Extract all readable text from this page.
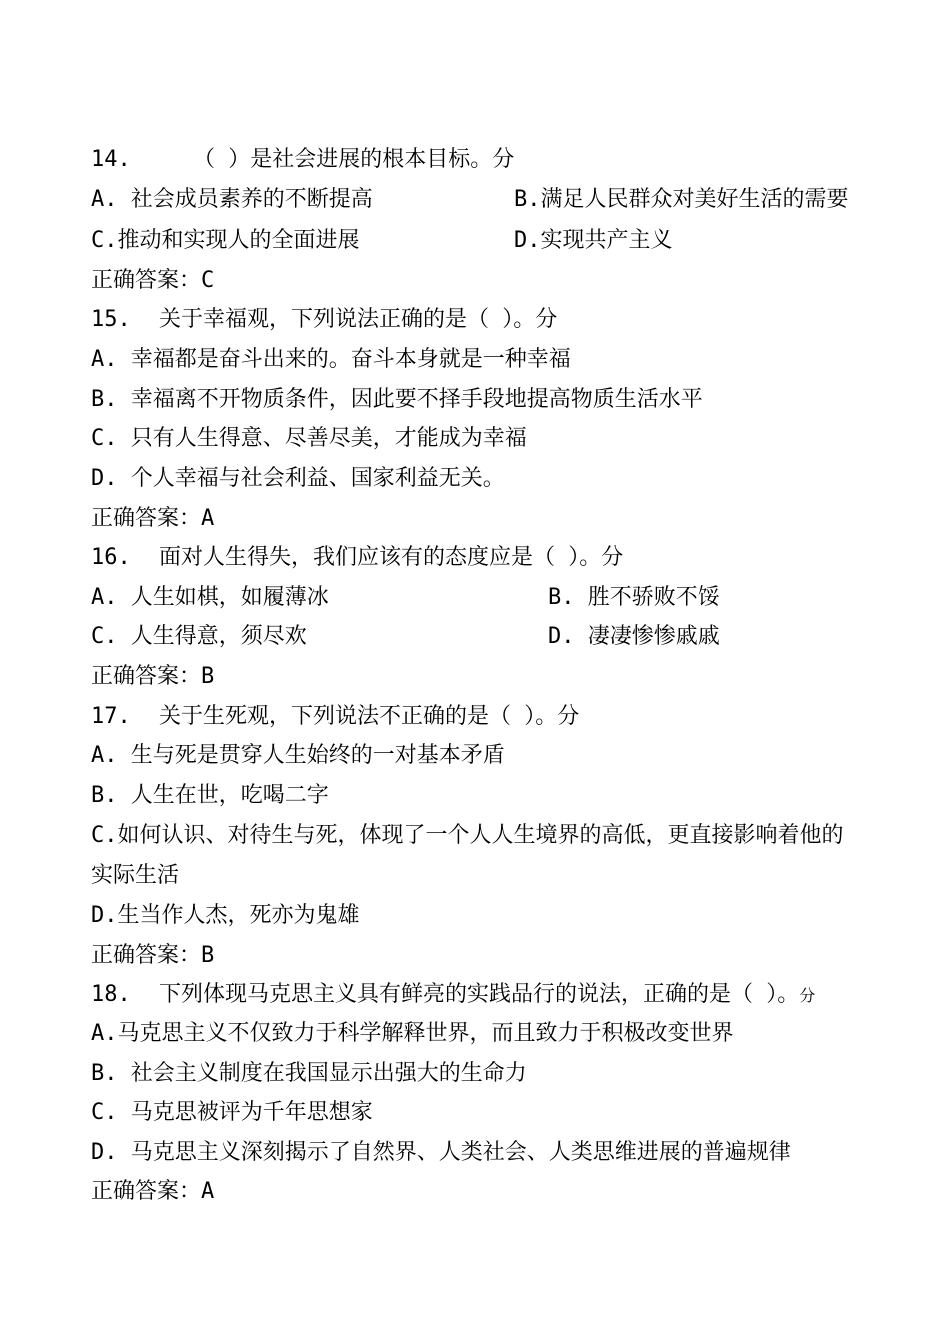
14.	（ ）是社会进展的根本目标。分
A. 社会成员素养的不断提高	B.满足人民群众对美好生活的需要
C.推动和实现人的全面进展	D.实现共产主义
正确答案：C
15. 关于幸福观，下列说法正确的是（ ）。分
A. 幸福都是奋斗出来的。奋斗本身就是一种幸福
B. 幸福离不开物质条件，因此要不择手段地提高物质生活水平
C. 只有人生得意、尽善尽美，才能成为幸福
D. 个人幸福与社会利益、国家利益无关。
正确答案：A
16. 面对人生得失，我们应该有的态度应是（ ）。分
A. 人生如棋，如履薄冰	B. 胜不骄败不馁
C. 人生得意，须尽欢	D. 凄凄惨惨戚戚
正确答案：B
17. 关于生死观，下列说法不正确的是（ ）。分
A. 生与死是贯穿人生始终的一对基本矛盾
B. 人生在世，吃喝二字
C.如何认识、对待生与死，体现了一个人人生境界的高低，更直接影响着他的
实际生活
D.生当作人杰，死亦为鬼雄
正确答案：B
18. 下列体现马克思主义具有鲜亮的实践品行的说法，正确的是（ ）。分
A.马克思主义不仅致力于科学解释世界，而且致力于积极改变世界
B. 社会主义制度在我国显示出强大的生命力
C. 马克思被评为千年思想家
D. 马克思主义深刻揭示了自然界、人类社会、人类思维进展的普遍规律
正确答案：A
